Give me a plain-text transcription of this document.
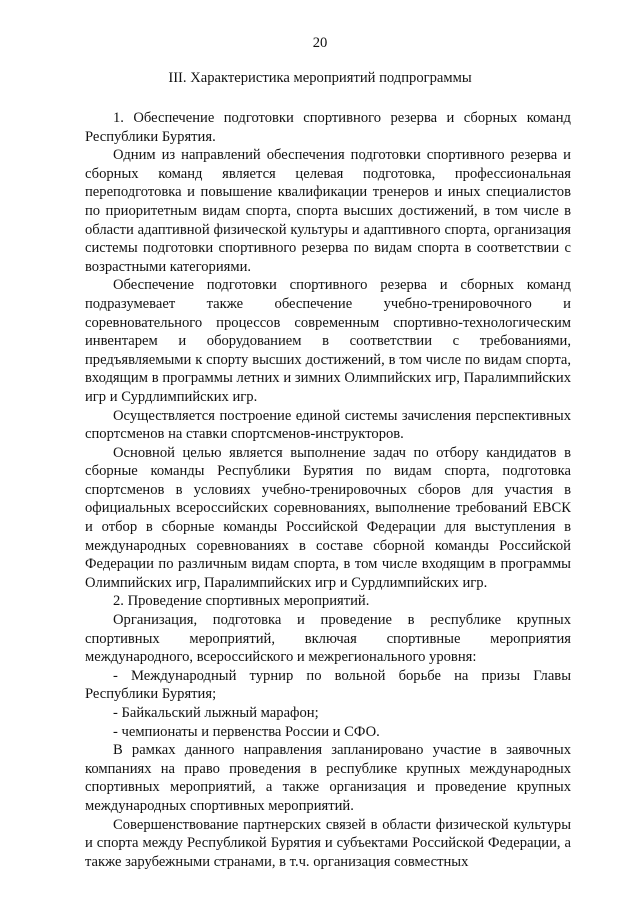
20
III. Характеристика мероприятий подпрограммы

1. Обеспечение подготовки спортивного резерва и сборных команд Республики Бурятия.

Одним из направлений обеспечения подготовки спортивного резерва и сборных команд является целевая подготовка, профессиональная переподготовка и повышение квалификации тренеров и иных специалистов по приоритетным видам спорта, спорта высших достижений, в том числе в области адаптивной физической культуры и адаптивного спорта, организация системы подготовки спортивного резерва по видам спорта в соответствии с возрастными категориями.

Обеспечение подготовки спортивного резерва и сборных команд подразумевает также обеспечение учебно-тренировочного и соревновательного процессов современным спортивно-технологическим инвентарем и оборудованием в соответствии с требованиями, предъявляемыми к спорту высших достижений, в том числе по видам спорта, входящим в программы летних и зимних Олимпийских игр, Паралимпийских игр и Сурдлимпийских игр.

Осуществляется построение единой системы зачисления перспективных спортсменов на ставки спортсменов-инструкторов.

Основной целью является выполнение задач по отбору кандидатов в сборные команды Республики Бурятия по видам спорта, подготовка спортсменов в условиях учебно-тренировочных сборов для участия в официальных всероссийских соревнованиях, выполнение требований ЕВСК и отбор в сборные команды Российской Федерации для выступления в международных соревнованиях в составе сборной команды Российской Федерации по различным видам спорта, в том числе входящим в программы Олимпийских игр, Паралимпийских игр и Сурдлимпийских игр.

2. Проведение спортивных мероприятий.

Организация, подготовка и проведение в республике крупных спортивных мероприятий, включая спортивные мероприятия международного, всероссийского и межрегионального уровня:

- Международный турнир по вольной борьбе на призы Главы Республики Бурятия;

- Байкальский лыжный марафон;

- чемпионаты и первенства России и СФО.

В рамках данного направления запланировано участие в заявочных компаниях на право проведения в республике крупных международных спортивных мероприятий, а также организация и проведение крупных международных спортивных мероприятий.

Совершенствование партнерских связей в области физической культуры и спорта между Республикой Бурятия и субъектами Российской Федерации, а также зарубежными странами, в т.ч. организация совместных
